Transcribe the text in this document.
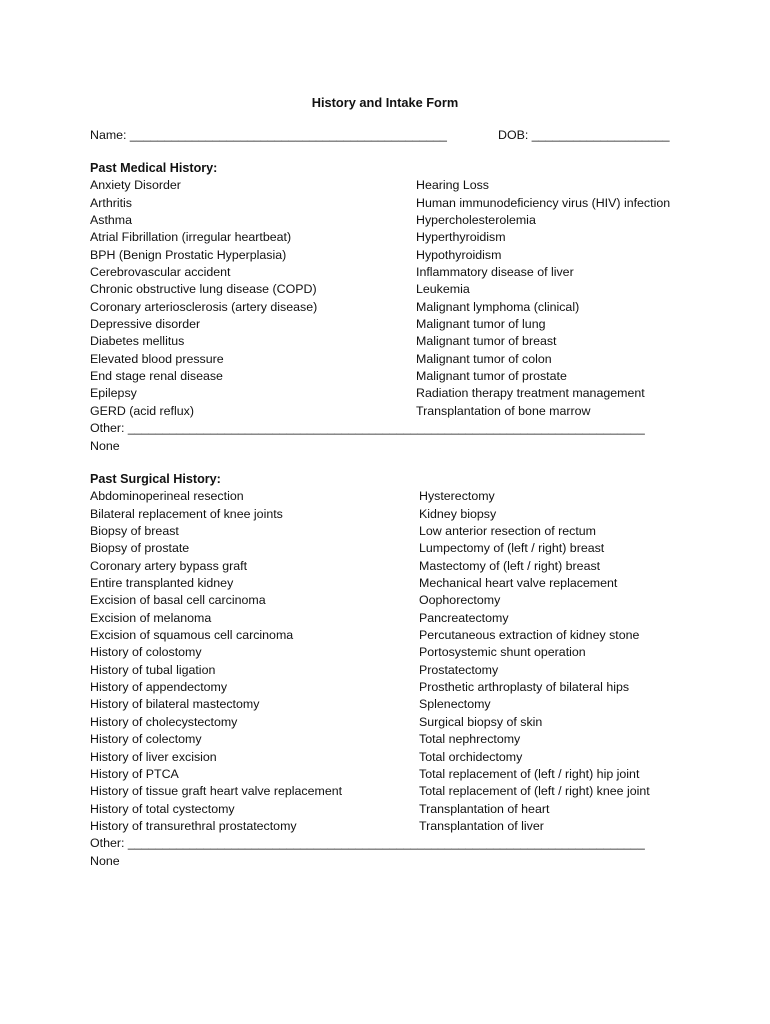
History and Intake Form
Name: ______________________________________________	DOB: ____________________
Past Medical History:
Anxiety Disorder
Arthritis
Asthma
Atrial Fibrillation (irregular heartbeat)
BPH (Benign Prostatic Hyperplasia)
Cerebrovascular accident
Chronic obstructive lung disease (COPD)
Coronary arteriosclerosis (artery disease)
Depressive disorder
Diabetes mellitus
Elevated blood pressure
End stage renal disease
Epilepsy
GERD (acid reflux)
Hearing Loss
Human immunodeficiency virus (HIV) infection
Hypercholesterolemia
Hyperthyroidism
Hypothyroidism
Inflammatory disease of liver
Leukemia
Malignant lymphoma (clinical)
Malignant tumor of lung
Malignant tumor of breast
Malignant tumor of colon
Malignant tumor of prostate
Radiation therapy treatment management
Transplantation of bone marrow
Other: ___________________________________________________________________________
None
Past Surgical History:
Abdominoperineal resection
Bilateral replacement of knee joints
Biopsy of breast
Biopsy of prostate
Coronary artery bypass graft
Entire transplanted kidney
Excision of basal cell carcinoma
Excision of melanoma
Excision of squamous cell carcinoma
History of colostomy
History of tubal ligation
History of appendectomy
History of bilateral mastectomy
History of cholecystectomy
History of colectomy
History of liver excision
History of PTCA
History of tissue graft heart valve replacement
History of total cystectomy
History of transurethral prostatectomy
Hysterectomy
Kidney biopsy
Low anterior resection of rectum
Lumpectomy of (left / right) breast
Mastectomy of (left / right) breast
Mechanical heart valve replacement
Oophorectomy
Pancreatectomy
Percutaneous extraction of kidney stone
Portosystemic shunt operation
Prostatectomy
Prosthetic arthroplasty of bilateral hips
Splenectomy
Surgical biopsy of skin
Total nephrectomy
Total orchidectomy
Total replacement of (left / right) hip joint
Total replacement of (left / right) knee joint
Transplantation of heart
Transplantation of liver
Other: ___________________________________________________________________________
None
